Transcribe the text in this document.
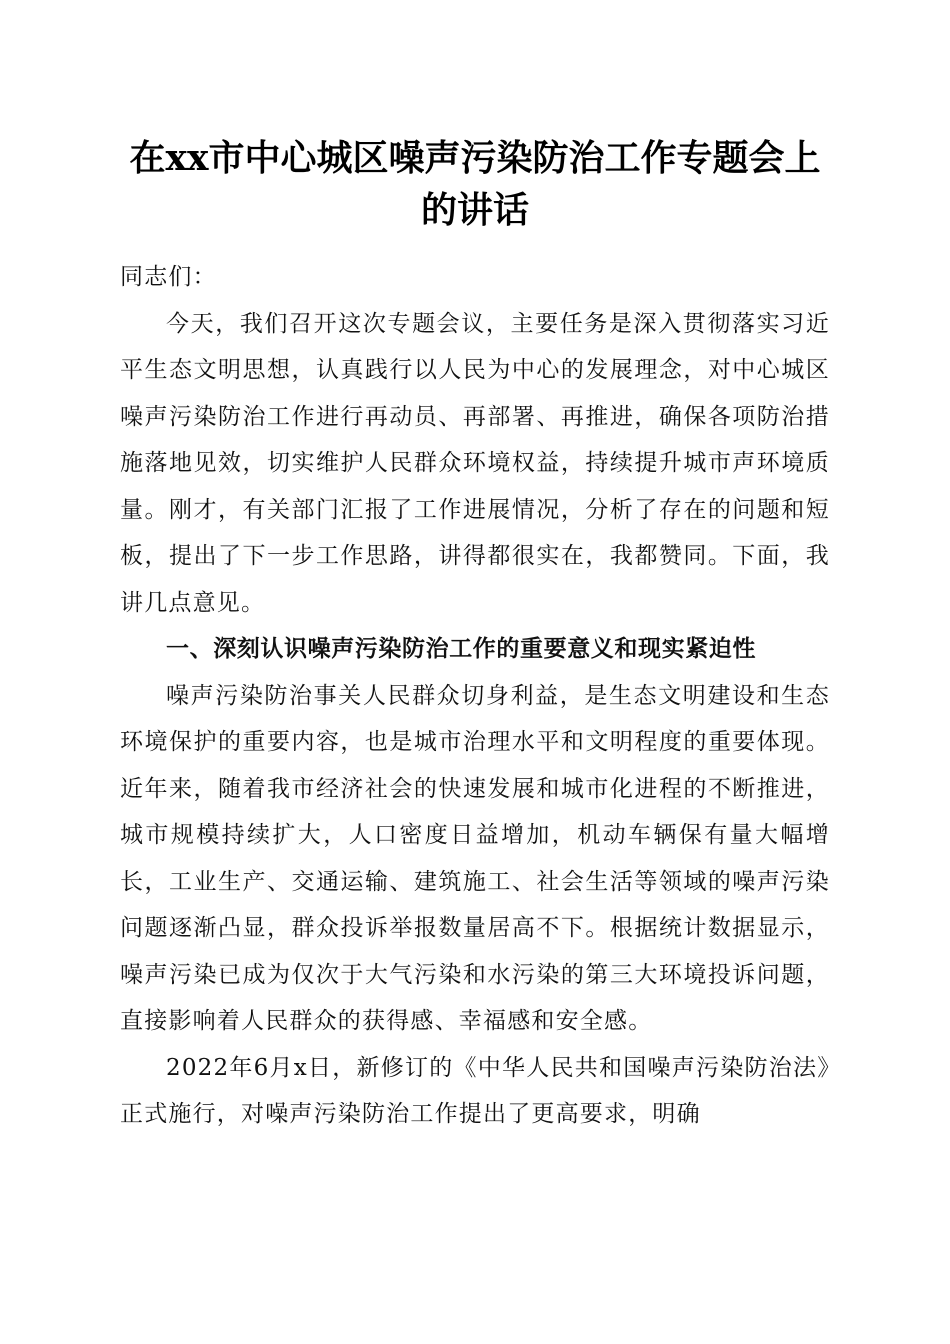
在xx市中心城区噪声污染防治工作专题会上的讲话

同志们：

今天，我们召开这次专题会议，主要任务是深入贯彻落实习近平生态文明思想，认真践行以人民为中心的发展理念，对中心城区噪声污染防治工作进行再动员、再部署、再推进，确保各项防治措施落地见效，切实维护人民群众环境权益，持续提升城市声环境质量。刚才，有关部门汇报了工作进展情况，分析了存在的问题和短板，提出了下一步工作思路，讲得都很实在，我都赞同。下面，我讲几点意见。

一、深刻认识噪声污染防治工作的重要意义和现实紧迫性

噪声污染防治事关人民群众切身利益，是生态文明建设和生态环境保护的重要内容，也是城市治理水平和文明程度的重要体现。近年来，随着我市经济社会的快速发展和城市化进程的不断推进，城市规模持续扩大，人口密度日益增加，机动车辆保有量大幅增长，工业生产、交通运输、建筑施工、社会生活等领域的噪声污染问题逐渐凸显，群众投诉举报数量居高不下。根据统计数据显示，噪声污染已成为仅次于大气污染和水污染的第三大环境投诉问题，直接影响着人民群众的获得感、幸福感和安全感。

2022年6月x日，新修订的《中华人民共和国噪声污染防治法》正式施行，对噪声污染防治工作提出了更高要求，明确
